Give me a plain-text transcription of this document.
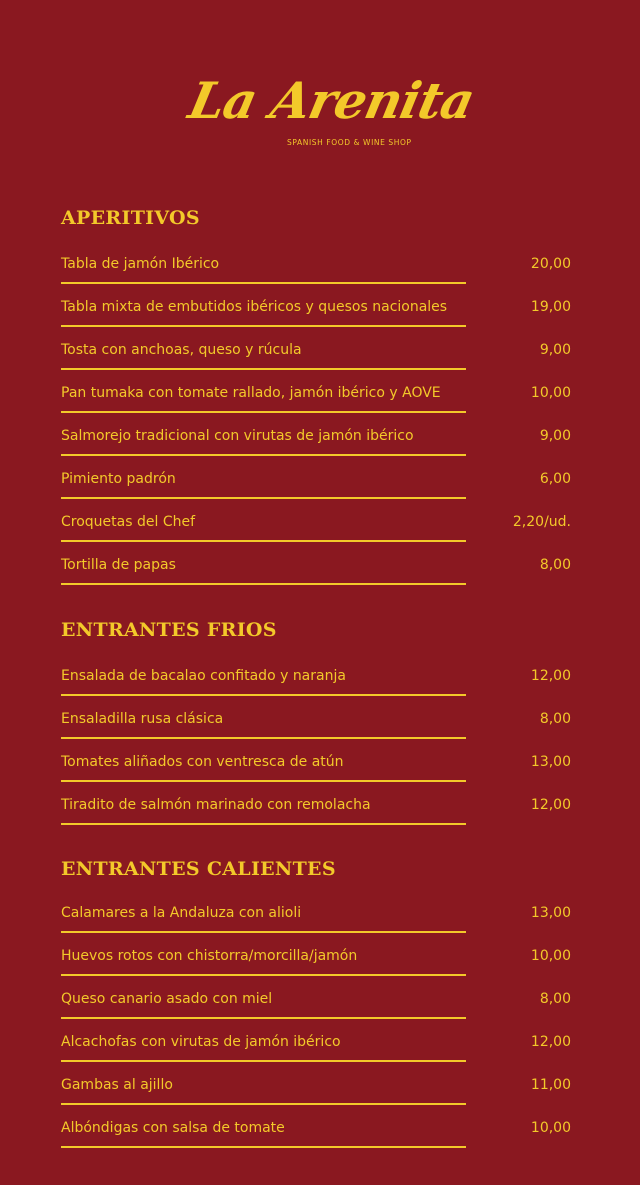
La Arenita
SPANISH FOOD & WINE SHOP
APERITIVOS
Tabla de jamón Ibérico	20,00
Tabla mixta de embutidos ibéricos y quesos nacionales	19,00
Tosta con anchoas, queso y rúcula	9,00
Pan tumaka con tomate rallado, jamón ibérico y AOVE	10,00
Salmorejo tradicional con virutas de jamón ibérico	9,00
Pimiento padrón	6,00
Croquetas del Chef	2,20/ud.
Tortilla de papas	8,00
ENTRANTES FRIOS
Ensalada de bacalao confitado y naranja	12,00
Ensaladilla rusa clásica	8,00
Tomates aliñados con ventresca de atún	13,00
Tiradito de salmón marinado con remolacha	12,00
ENTRANTES CALIENTES
Calamares a la Andaluza con alioli	13,00
Huevos rotos con chistorra/morcilla/jamón	10,00
Queso canario asado con miel	8,00
Alcachofas con virutas de jamón ibérico	12,00
Gambas al ajillo	11,00
Albóndigas con salsa de tomate	10,00
